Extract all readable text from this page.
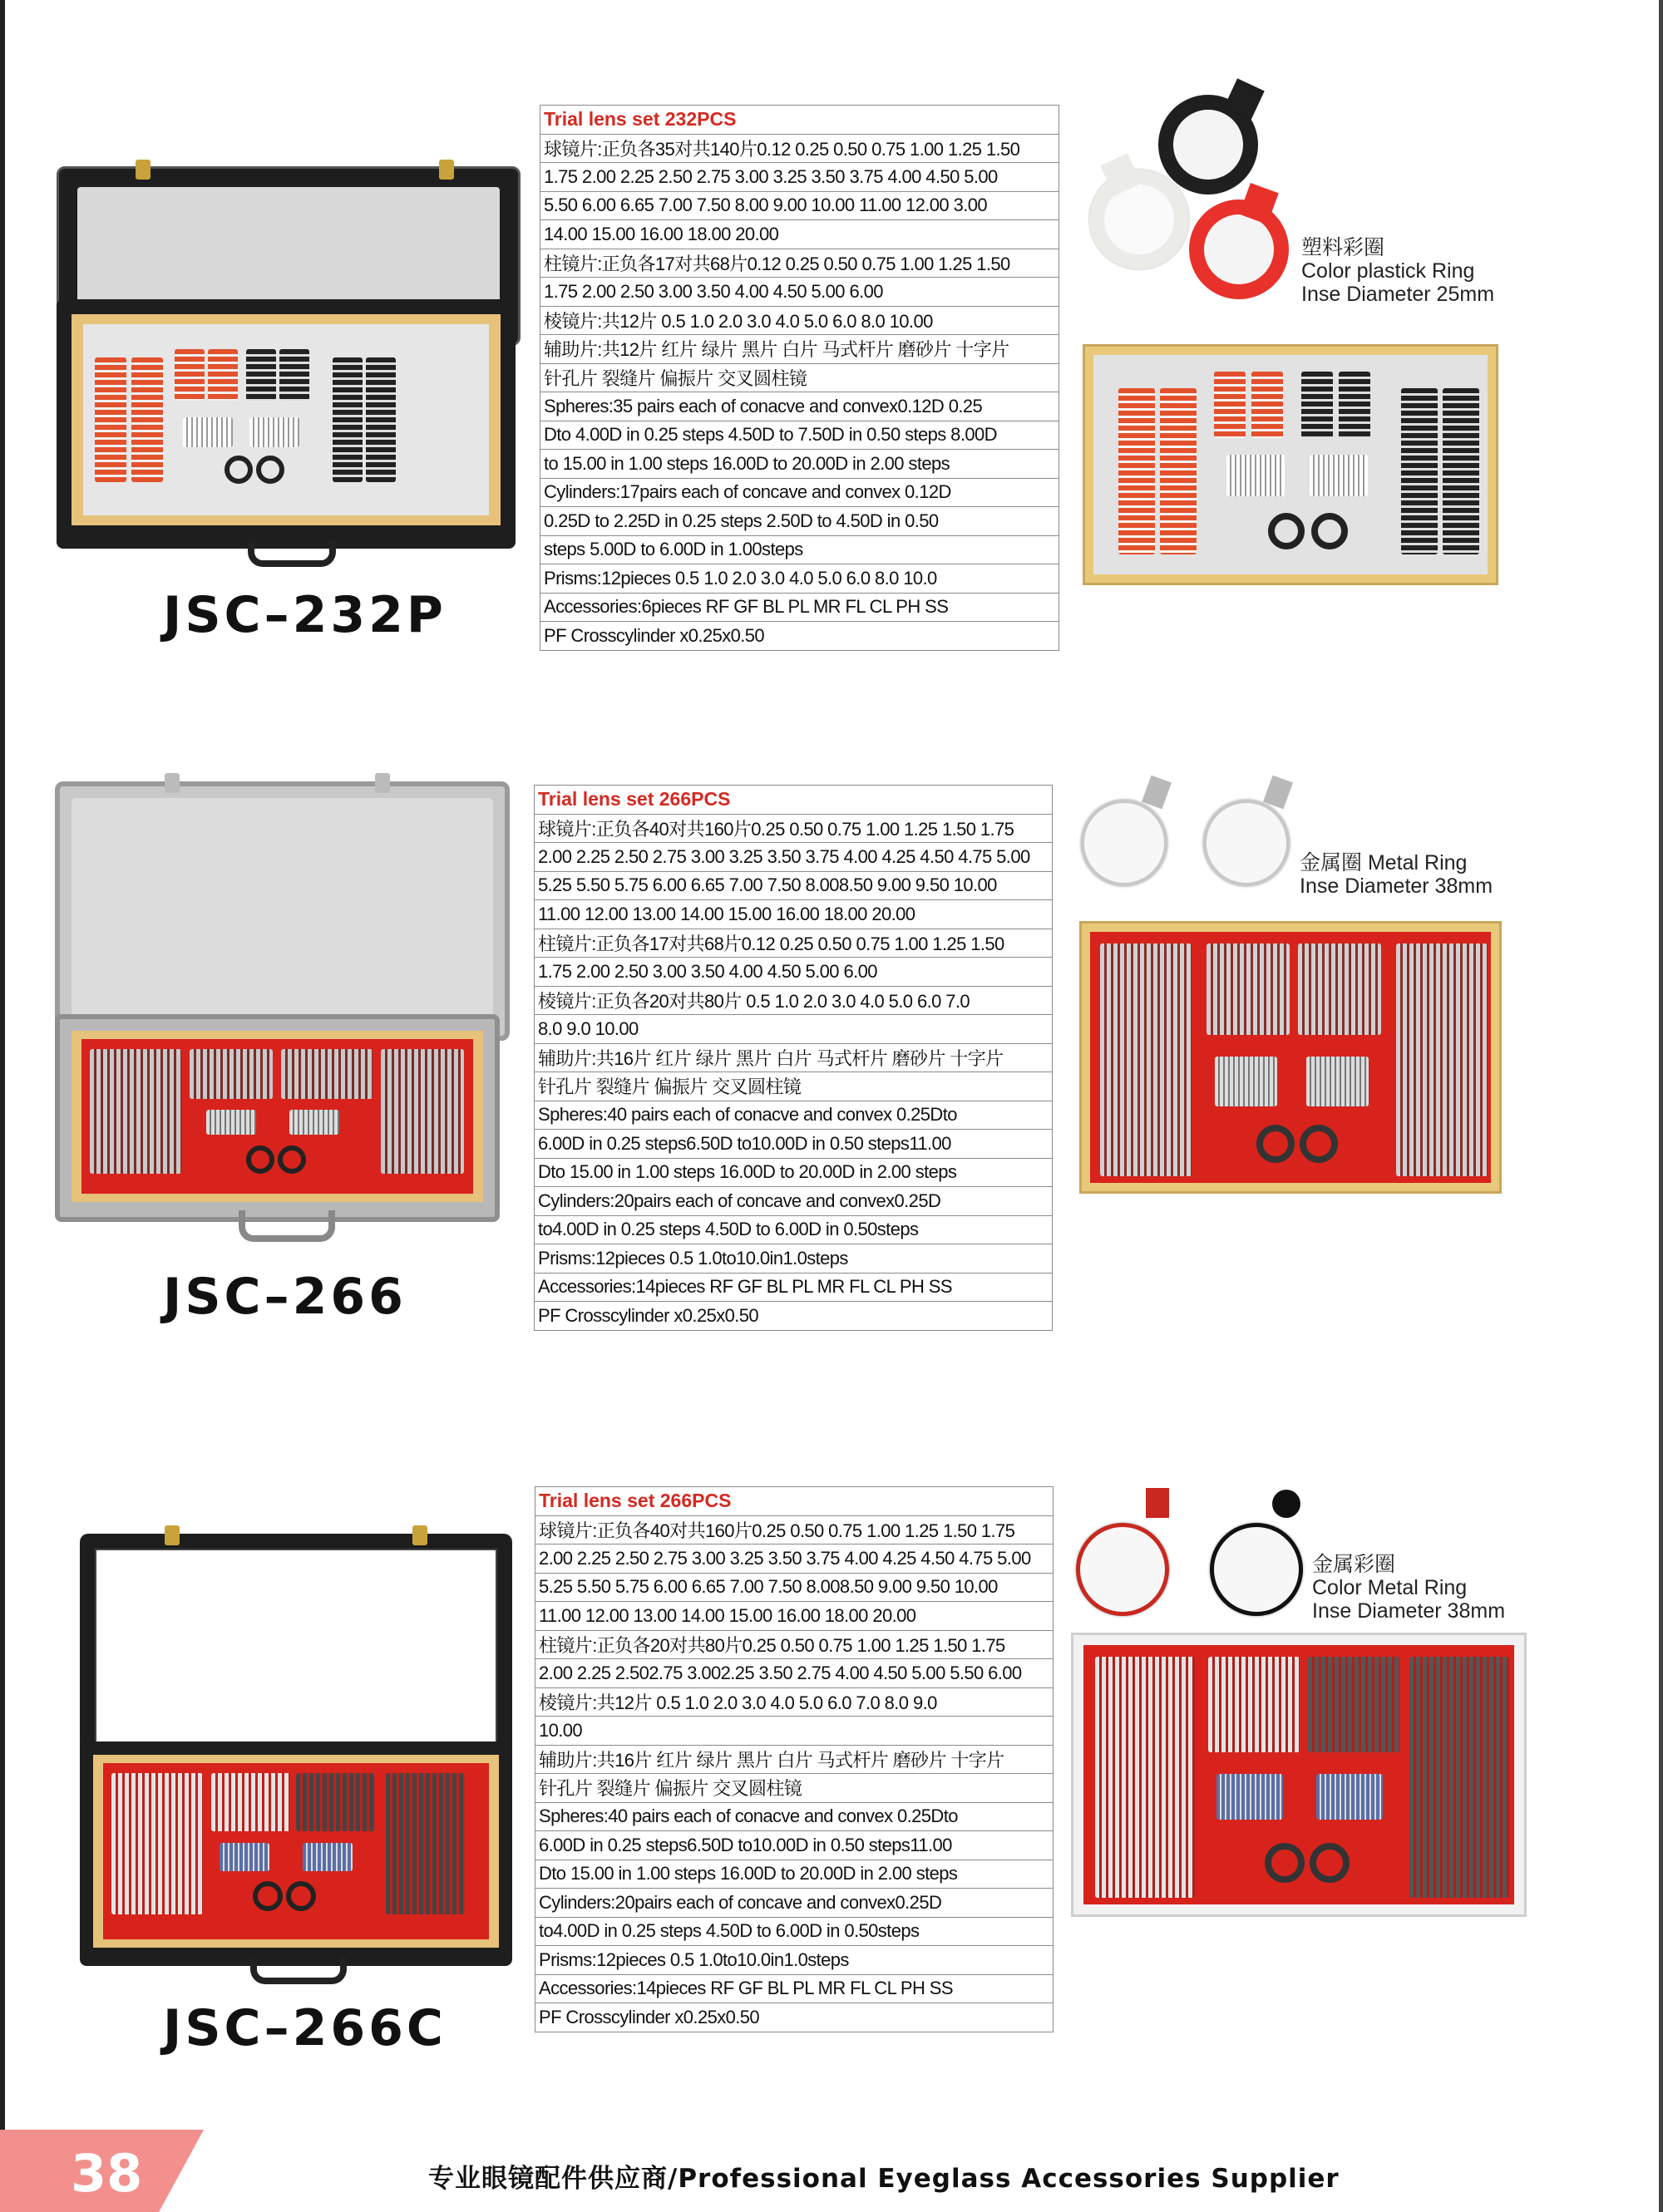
JSC–232P
Trial lens set 232PCS
球镜片:正负各35对共140片0.12 0.25 0.50 0.75 1.00 1.25 1.50
1.75 2.00 2.25 2.50 2.75 3.00 3.25 3.50 3.75 4.00 4.50 5.00
5.50 6.00 6.65 7.00 7.50 8.00 9.00 10.00 11.00 12.00 3.00
14.00 15.00 16.00 18.00 20.00
柱镜片:正负各17对共68片0.12 0.25 0.50 0.75 1.00 1.25 1.50
1.75 2.00 2.50 3.00 3.50 4.00 4.50 5.00 6.00
棱镜片:共12片 0.5 1.0 2.0 3.0 4.0 5.0 6.0 8.0 10.00
辅助片:共12片 红片 绿片 黑片 白片 马式杆片 磨砂片 十字片
针孔片 裂缝片 偏振片 交叉圆柱镜
Spheres:35 pairs each of conacve and convex0.12D 0.25
Dto 4.00D in 0.25 steps 4.50D to 7.50D in 0.50 steps 8.00D
to 15.00 in 1.00 steps 16.00D to 20.00D in 2.00 steps
Cylinders:17pairs each of concave and convex 0.12D
0.25D to 2.25D in 0.25 steps 2.50D to 4.50D in 0.50
steps 5.00D to 6.00D in 1.00steps
Prisms:12pieces 0.5 1.0 2.0 3.0 4.0 5.0 6.0 8.0 10.0
Accessories:6pieces RF GF BL PL MR FL CL PH SS
PF Crosscylinder x0.25x0.50
塑料彩圈
Color plastick Ring
Inse Diameter 25mm
JSC–266
Trial lens set 266PCS
球镜片:正负各40对共160片0.25 0.50 0.75 1.00 1.25 1.50 1.75
2.00 2.25 2.50 2.75 3.00 3.25 3.50 3.75 4.00 4.25 4.50 4.75 5.00
5.25 5.50 5.75 6.00 6.65 7.00 7.50 8.008.50 9.00 9.50 10.00
11.00 12.00 13.00 14.00 15.00 16.00 18.00 20.00
柱镜片:正负各17对共68片0.12 0.25 0.50 0.75 1.00 1.25 1.50
1.75 2.00 2.50 3.00 3.50 4.00 4.50 5.00 6.00
棱镜片:正负各20对共80片 0.5 1.0 2.0 3.0 4.0 5.0 6.0 7.0
8.0 9.0 10.00
辅助片:共16片 红片 绿片 黑片 白片 马式杆片 磨砂片 十字片
针孔片 裂缝片 偏振片 交叉圆柱镜
Spheres:40 pairs each of conacve and convex 0.25Dto
6.00D in 0.25 steps6.50D to10.00D in 0.50 steps11.00
Dto 15.00 in 1.00 steps 16.00D to 20.00D in 2.00 steps
Cylinders:20pairs each of concave and convex0.25D
to4.00D in 0.25 steps 4.50D to 6.00D in 0.50steps
Prisms:12pieces 0.5 1.0to10.0in1.0steps
Accessories:14pieces RF GF BL PL MR FL CL PH SS
PF Crosscylinder x0.25x0.50
金属圈 Metal Ring
Inse Diameter 38mm
JSC–266C
Trial lens set 266PCS
球镜片:正负各40对共160片0.25 0.50 0.75 1.00 1.25 1.50 1.75
2.00 2.25 2.50 2.75 3.00 3.25 3.50 3.75 4.00 4.25 4.50 4.75 5.00
5.25 5.50 5.75 6.00 6.65 7.00 7.50 8.008.50 9.00 9.50 10.00
11.00 12.00 13.00 14.00 15.00 16.00 18.00 20.00
柱镜片:正负各20对共80片0.25 0.50 0.75 1.00 1.25 1.50 1.75
2.00 2.25 2.502.75 3.002.25 3.50 2.75 4.00 4.50 5.00 5.50 6.00
棱镜片:共12片 0.5 1.0 2.0 3.0 4.0 5.0 6.0 7.0 8.0 9.0
10.00
辅助片:共16片 红片 绿片 黑片 白片 马式杆片 磨砂片 十字片
针孔片 裂缝片 偏振片 交叉圆柱镜
Spheres:40 pairs each of conacve and convex 0.25Dto
6.00D in 0.25 steps6.50D to10.00D in 0.50 steps11.00
Dto 15.00 in 1.00 steps 16.00D to 20.00D in 2.00 steps
Cylinders:20pairs each of concave and convex0.25D
to4.00D in 0.25 steps 4.50D to 6.00D in 0.50steps
Prisms:12pieces 0.5 1.0to10.0in1.0steps
Accessories:14pieces RF GF BL PL MR FL CL PH SS
PF Crosscylinder x0.25x0.50
金属彩圈
Color Metal Ring
Inse Diameter 38mm
38	专业眼镜配件供应商/Professional Eyeglass Accessories Supplier
